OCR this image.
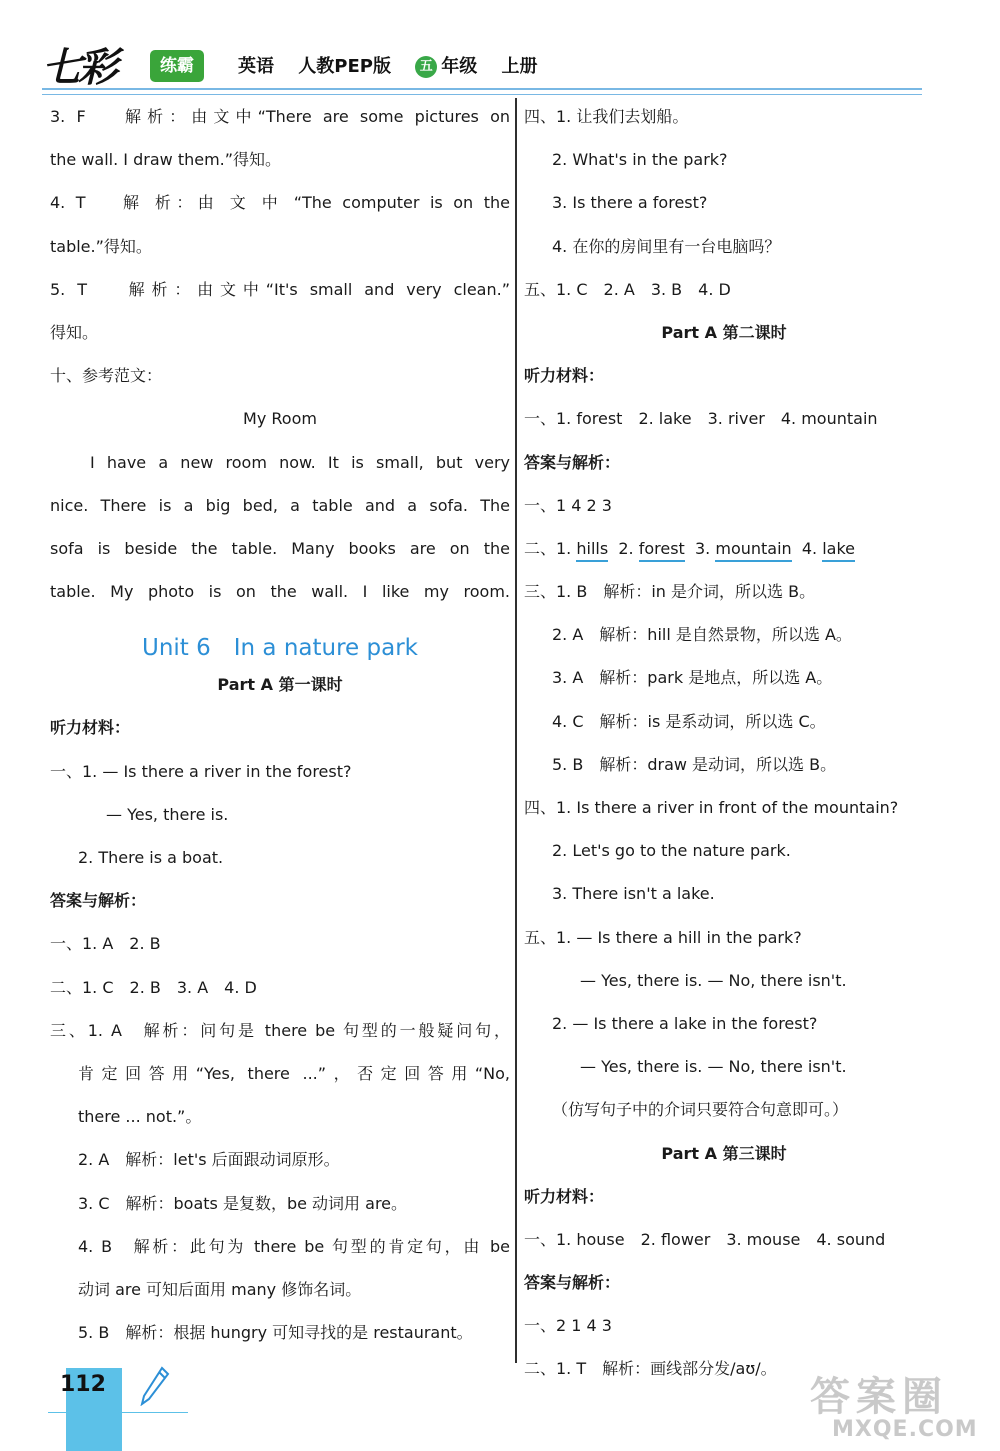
七彩	练霸	英语 人教PEP版 五 年级 上册
3. F　 解析：由文中“There are some pictures on
the wall. I draw them.”得知。
4. T　 解 析：由 文 中 “The computer is on the
table.”得知。
5. T　 解析：由文中“It's small and very clean.”
得知。
十、参考范文：
My Room
I have a new room now. It is small, but very
nice. There is a big bed, a table and a sofa. The
sofa is beside the table. Many books are on the
table. My photo is on the wall. I like my room.
Unit 6　In a nature park
Part A 第一课时
听力材料：
一、1. — Is there a river in the forest?
— Yes, there is.
2. There is a boat.
答案与解析：
一、1. A　2. B
二、1. C　2. B　3. A　4. D
三、1. A　解析：问句是 there be 句型的一般疑问句，
肯定回答用“Yes, there ...”，否定回答用“No,
there ... not.”。
2. A　解析：let's 后面跟动词原形。
3. C　解析：boats 是复数，be 动词用 are。
4. B　解析：此句为 there be 句型的肯定句，由 be
动词 are 可知后面用 many 修饰名词。
5. B　解析：根据 hungry 可知寻找的是 restaurant。
四、1. 让我们去划船。
2. What's in the park?
3. Is there a forest?
4. 在你的房间里有一台电脑吗？
五、1. C　2. A　3. B　4. D
Part A 第二课时
听力材料：
一、1. forest　2. lake　3. river　4. mountain
答案与解析：
一、1 4 2 3
二、1. hills 2. forest 3. mountain 4. lake
三、1. B　解析：in 是介词，所以选 B。
2. A　解析：hill 是自然景物，所以选 A。
3. A　解析：park 是地点，所以选 A。
4. C　解析：is 是系动词，所以选 C。
5. B　解析：draw 是动词，所以选 B。
四、1. Is there a river in front of the mountain?
2. Let's go to the nature park.
3. There isn't a lake.
五、1. — Is there a hill in the park?
— Yes, there is. — No, there isn't.
2. — Is there a lake in the forest?
— Yes, there is. — No, there isn't.
（仿写句子中的介词只要符合句意即可。）
Part A 第三课时
听力材料：
一、1. house　2. flower　3. mouse　4. sound
答案与解析：
一、2 1 4 3
二、1. T　解析：画线部分发/aʊ/。
112	答案圈
MXQE.COM
